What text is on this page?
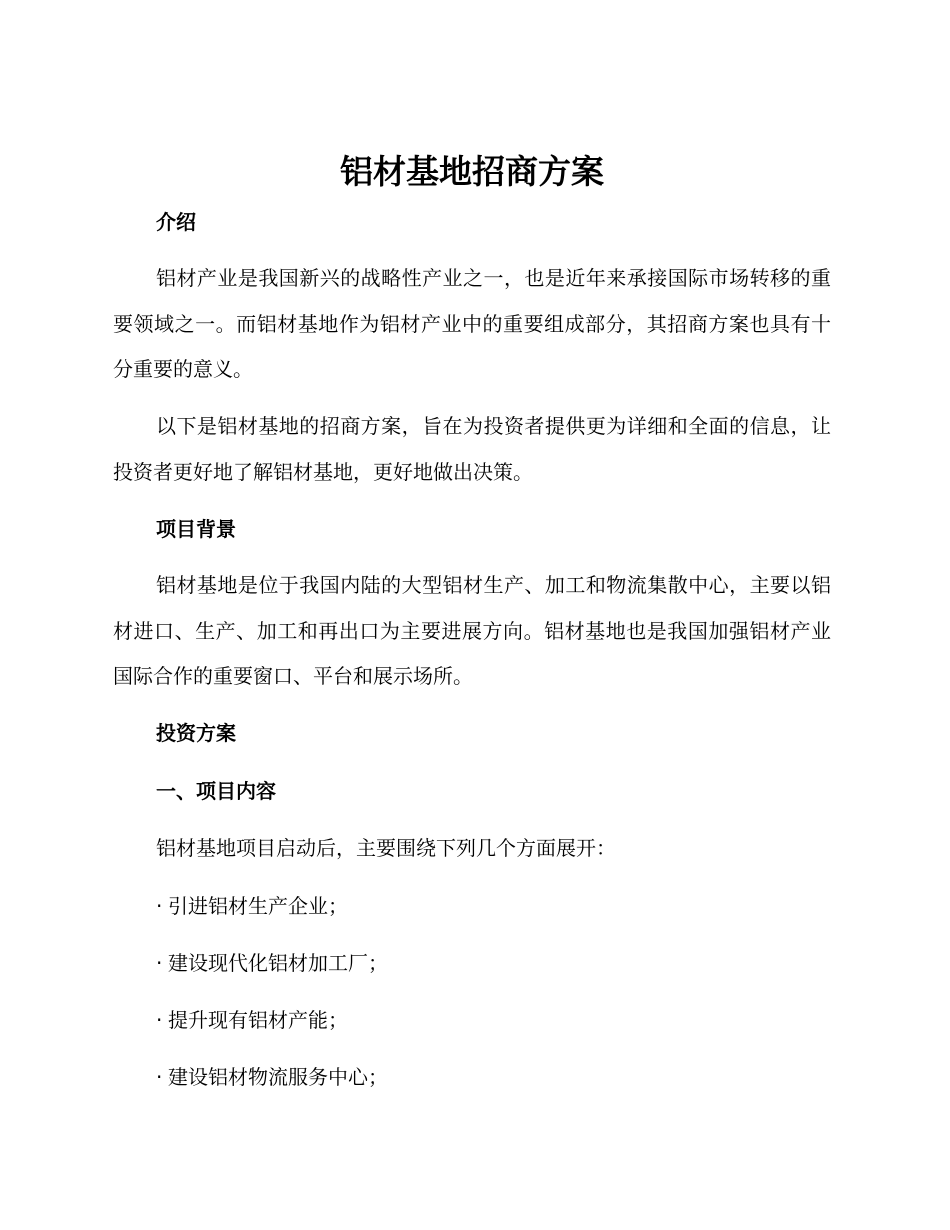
铝材基地招商方案
介绍

铝材产业是我国新兴的战略性产业之一，也是近年来承接国际市场转移的重要领域之一。而铝材基地作为铝材产业中的重要组成部分，其招商方案也具有十分重要的意义。

以下是铝材基地的招商方案，旨在为投资者提供更为详细和全面的信息，让投资者更好地了解铝材基地，更好地做出决策。

项目背景

铝材基地是位于我国内陆的大型铝材生产、加工和物流集散中心，主要以铝材进口、生产、加工和再出口为主要进展方向。铝材基地也是我国加强铝材产业国际合作的重要窗口、平台和展示场所。

投资方案
一、项目内容

铝材基地项目启动后，主要围绕下列几个方面展开：

· 引进铝材生产企业；

· 建设现代化铝材加工厂；

· 提升现有铝材产能；

· 建设铝材物流服务中心；
